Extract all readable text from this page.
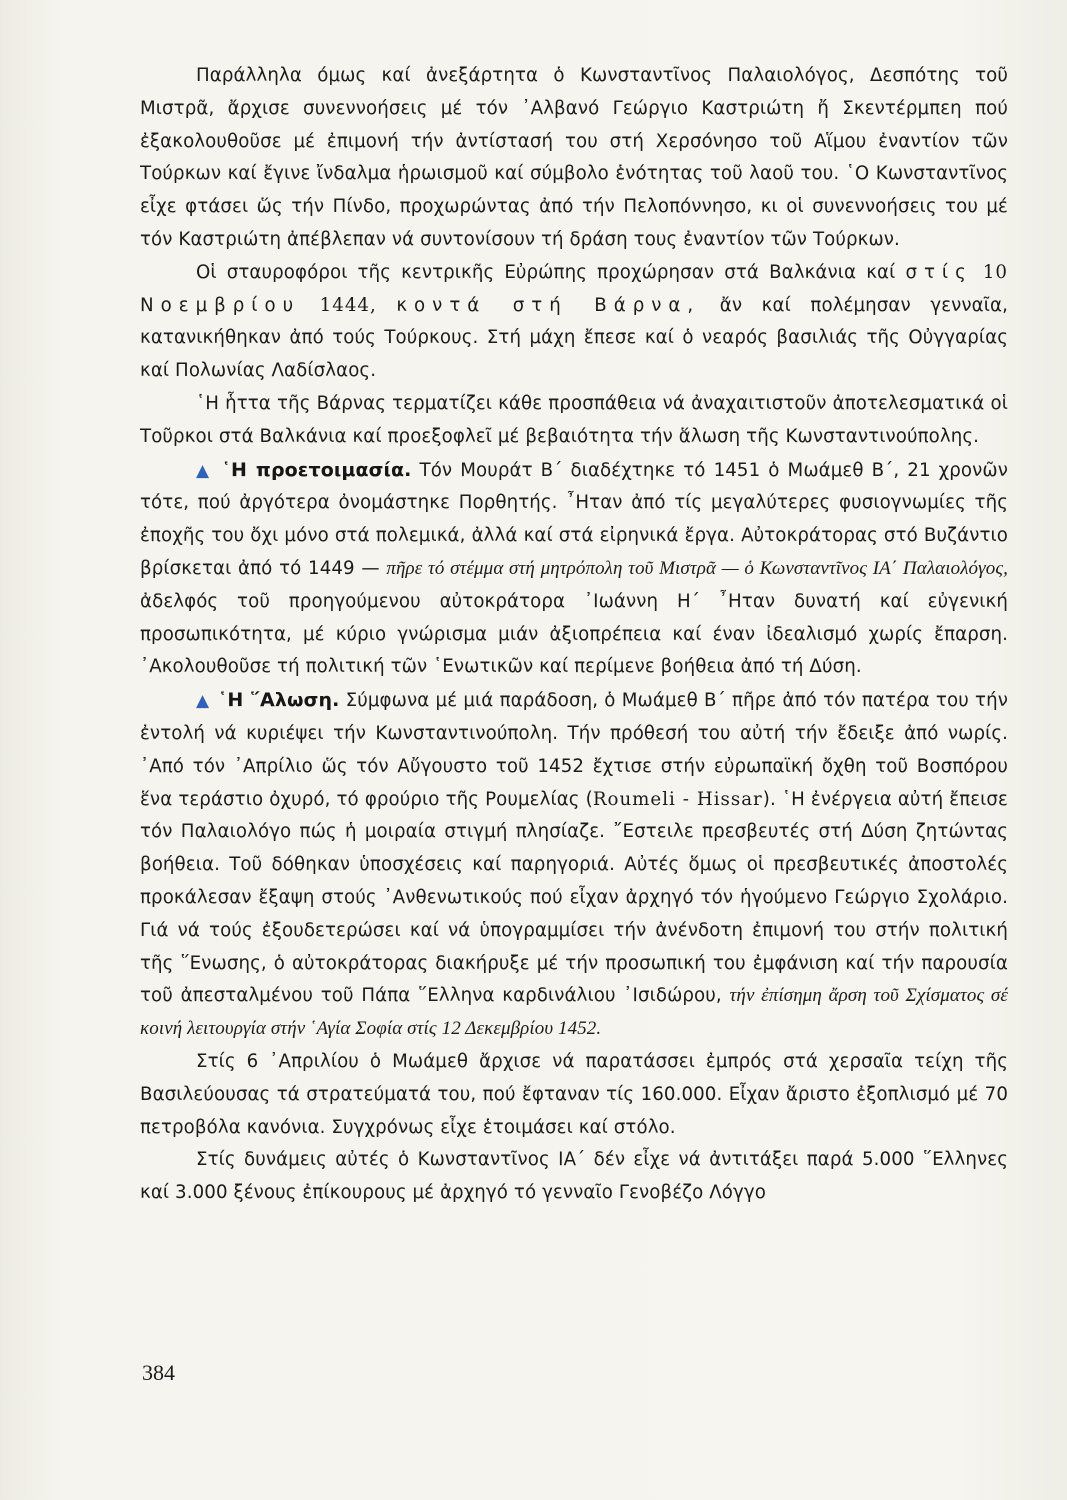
Παράλληλα όμως καί ἀνεξάρτητα ὁ Κωνσταντῖνος Παλαιολόγος, Δεσπότης τοῦ Μιστρᾶ, ἄρχισε συνεννοήσεις μέ τόν ᾿Αλβανό Γεώργιο Καστριώτη ἤ Σκεντέρμπεη πού ἐξακολουθοῦσε μέ ἐπιμονή τήν ἀντίστασή του στή Χερσόνησο τοῦ Αἵμου ἐναντίον τῶν Τούρκων καί ἔγινε ἴνδαλμα ἡρωισμοῦ καί σύμβολο ἑνότητας τοῦ λαοῦ του. ῾Ο Κωνσταντῖνος εἶχε φτάσει ὥς τήν Πίνδο, προχωρώντας ἀπό τήν Πελοπόννησο, κι οἱ συνεννοήσεις του μέ τόν Καστριώτη ἀπέβλεπαν νά συντονίσουν τή δράση τους ἐναντίον τῶν Τούρκων.

Οἱ σταυροφόροι τῆς κεντρικῆς Εὐρώπης προχώρησαν στά Βαλκάνια καί στίς 10 Νοεμβρίου 1444, κοντά στή Βάρνα, ἄν καί πολέμησαν γενναῖα, κατανικήθηκαν ἀπό τούς Τούρκους. Στή μάχη ἔπεσε καί ὁ νεαρός βασιλιάς τῆς Οὐγγαρίας καί Πολωνίας Λαδίσλαος.

῾Η ἧττα τῆς Βάρνας τερματίζει κάθε προσπάθεια νά ἀναχαιτιστοῦν ἀποτελεσματικά οἱ Τοῦρκοι στά Βαλκάνια καί προεξοφλεῖ μέ βεβαιότητα τήν ἅλωση τῆς Κωνσταντινούπολης.

▲ ῾Η προετοιμασία. Τόν Μουράτ Β΄ διαδέχτηκε τό 1451 ὁ Μωάμεθ Β΄, 21 χρονῶν τότε, πού ἀργότερα ὀνομάστηκε Πορθητής. ῏Ηταν ἀπό τίς μεγαλύτερες φυσιογνωμίες τῆς ἐποχῆς του ὄχι μόνο στά πολεμικά, ἀλλά καί στά εἰρηνικά ἔργα. Αὐτοκράτορας στό Βυζάντιο βρίσκεται ἀπό τό 1449 — πῆρε τό στέμμα στή μητρόπολη τοῦ Μιστρᾶ — ὁ Κωνσταντῖνος ΙΑ΄ Παλαιολόγος, ἀδελφός τοῦ προηγούμενου αὐτοκράτορα ᾿Ιωάννη Η΄ ῏Ηταν δυνατή καί εὐγενική προσωπικότητα, μέ κύριο γνώρισμα μιάν ἀξιοπρέπεια καί έναν ἰδεαλισμό χωρίς ἔπαρση. ᾿Ακολουθοῦσε τή πολιτική τῶν ῾Ενωτικῶν καί περίμενε βοήθεια ἀπό τή Δύση.

▲ ῾Η ῞Αλωση. Σύμφωνα μέ μιά παράδοση, ὁ Μωάμεθ Β΄ πῆρε ἀπό τόν πατέρα του τήν ἐντολή νά κυριέψει τήν Κωνσταντινούπολη. Τήν πρόθεσή του αὐτή τήν ἔδειξε ἀπό νωρίς. ᾿Από τόν ᾿Απρίλιο ὥς τόν Αὔγουστο τοῦ 1452 ἔχτισε στήν εὐρωπαϊκή ὄχθη τοῦ Βοσπόρου ἕνα τεράστιο ὀχυρό, τό φρούριο τῆς Ρουμελίας (Roumeli - Hissar). ῾Η ἐνέργεια αὐτή ἔπεισε τόν Παλαιολόγο πώς ἡ μοιραία στιγμή πλησίαζε. ῎Εστειλε πρεσβευτές στή Δύση ζητώντας βοήθεια. Τοῦ δόθηκαν ὑποσχέσεις καί παρηγοριά. Αὐτές ὅμως οἱ πρεσβευτικές ἀποστολές προκάλεσαν ἔξαψη στούς ᾿Ανθενωτικούς πού εἶχαν ἀρχηγό τόν ἡγούμενο Γεώργιο Σχολάριο. Γιά νά τούς ἐξουδετερώσει καί νά ὑπογραμμίσει τήν ἀνένδοτη ἐπιμονή του στήν πολιτική τῆς ῞Ενωσης, ὁ αὐτοκράτορας διακήρυξε μέ τήν προσωπική του ἐμφάνιση καί τήν παρουσία τοῦ ἀπεσταλμένου τοῦ Πάπα ῞Ελληνα καρδινάλιου ᾿Ισιδώρου, τήν ἐπίσημη ἄρση τοῦ Σχίσματος σέ κοινή λειτουργία στήν ῾Αγία Σοφία στίς 12 Δεκεμβρίου 1452.

Στίς 6 ᾿Απριλίου ὁ Μωάμεθ ἄρχισε νά παρατάσσει ἐμπρός στά χερσαῖα τείχη τῆς Βασιλεύουσας τά στρατεύματά του, πού ἔφταναν τίς 160.000. Εἶχαν ἄριστο ἐξοπλισμό μέ 70 πετροβόλα κανόνια. Συγχρόνως εἶχε ἑτοιμάσει καί στόλο.

Στίς δυνάμεις αὐτές ὁ Κωνσταντῖνος ΙΑ΄ δέν εἶχε νά ἀντιτάξει παρά 5.000 ῞Ελληνες καί 3.000 ξένους ἐπίκουρους μέ ἀρχηγό τό γενναῖο Γενοβέζο Λόγγο

384
